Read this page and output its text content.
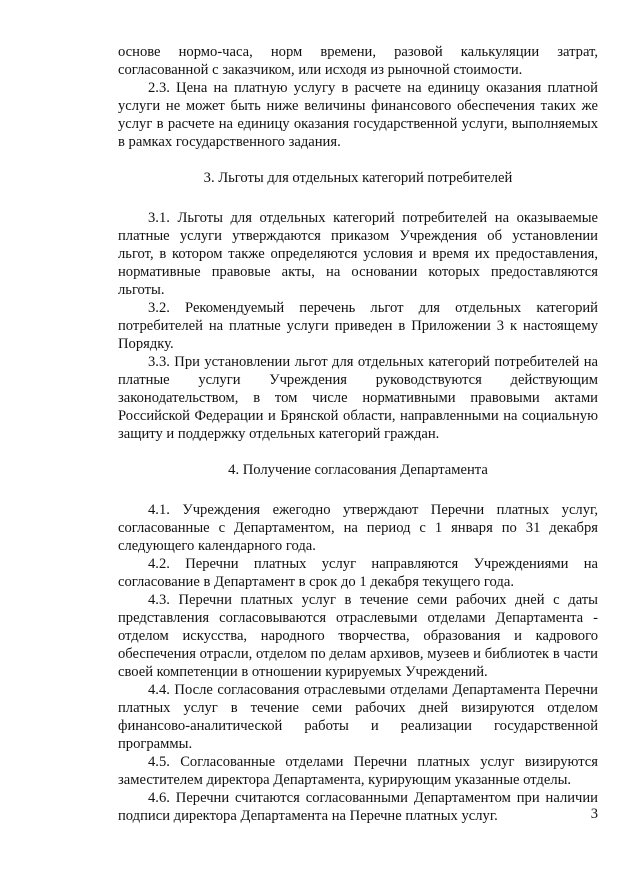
основе нормо-часа, норм времени, разовой калькуляции затрат, согласованной с заказчиком, или исходя из рыночной стоимости.

2.3. Цена на платную услугу в расчете на единицу оказания платной услуги не может быть ниже величины финансового обеспечения таких же услуг в расчете на единицу оказания государственной услуги, выполняемых в рамках государственного задания.

3. Льготы для отдельных категорий потребителей

3.1. Льготы для отдельных категорий потребителей на оказываемые платные услуги утверждаются приказом Учреждения об установлении льгот, в котором также определяются условия и время их предоставления, нормативные правовые акты, на основании которых предоставляются льготы.

3.2. Рекомендуемый перечень льгот для отдельных категорий потребителей на платные услуги приведен в Приложении 3 к настоящему Порядку.

3.3. При установлении льгот для отдельных категорий потребителей на платные услуги Учреждения руководствуются действующим законодательством, в том числе нормативными правовыми актами Российской Федерации и Брянской области, направленными на социальную защиту и поддержку отдельных категорий граждан.

4. Получение согласования Департамента

4.1. Учреждения ежегодно утверждают Перечни платных услуг, согласованные с Департаментом, на период с 1 января по 31 декабря следующего календарного года.

4.2. Перечни платных услуг направляются Учреждениями на согласование в Департамент в срок до 1 декабря текущего года.

4.3. Перечни платных услуг в течение семи рабочих дней с даты представления согласовываются отраслевыми отделами Департамента - отделом искусства, народного творчества, образования и кадрового обеспечения отрасли, отделом по делам архивов, музеев и библиотек в части своей компетенции в отношении курируемых Учреждений.

4.4. После согласования отраслевыми отделами Департамента Перечни платных услуг в течение семи рабочих дней визируются отделом финансово-аналитической работы и реализации государственной программы.

4.5. Согласованные отделами Перечни платных услуг визируются заместителем директора Департамента, курирующим указанные отделы.

4.6. Перечни считаются согласованными Департаментом при наличии подписи директора Департамента на Перечне платных услуг.	3
